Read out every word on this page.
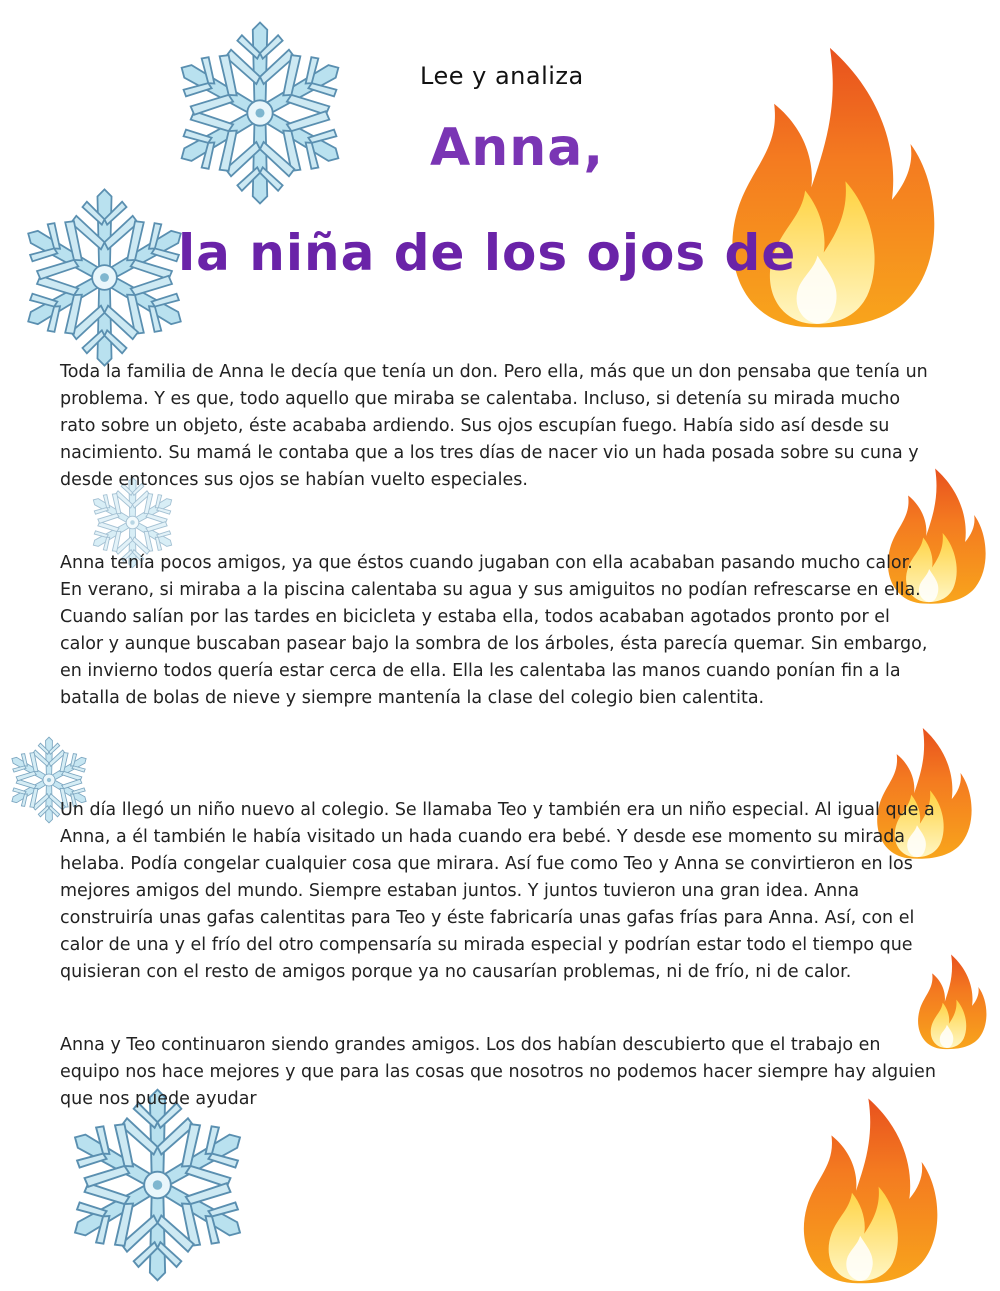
Lee y analiza
Anna,
la niña de los ojos de

Toda la familia de Anna le decía que tenía un don. Pero ella, más que un don pensaba que tenía un problema. Y es que, todo aquello que miraba se calentaba. Incluso, si detenía su mirada mucho rato sobre un objeto, éste acababa ardiendo. Sus ojos escupían fuego. Había sido así desde su nacimiento. Su mamá le contaba que a los tres días de nacer vio un hada posada sobre su cuna y desde entonces sus ojos se habían vuelto especiales.

Anna tenía pocos amigos, ya que éstos cuando jugaban con ella acababan pasando mucho calor. En verano, si miraba a la piscina calentaba su agua y sus amiguitos no podían refrescarse en ella. Cuando salían por las tardes en bicicleta y estaba ella, todos acababan agotados pronto por el calor y aunque buscaban pasear bajo la sombra de los árboles, ésta parecía quemar. Sin embargo, en invierno todos quería estar cerca de ella. Ella les calentaba las manos cuando ponían fin a la batalla de bolas de nieve y siempre mantenía la clase del colegio bien calentita.

Un día llegó un niño nuevo al colegio. Se llamaba Teo y también era un niño especial. Al igual que a Anna, a él también le había visitado un hada cuando era bebé. Y desde ese momento su mirada helaba. Podía congelar cualquier cosa que mirara. Así fue como Teo y Anna se convirtieron en los mejores amigos del mundo. Siempre estaban juntos. Y juntos tuvieron una gran idea. Anna construiría unas gafas calentitas para Teo y éste fabricaría unas gafas frías para Anna. Así, con el calor de una y el frío del otro compensaría su mirada especial y podrían estar todo el tiempo que quisieran con el resto de amigos porque ya no causarían problemas, ni de frío, ni de calor.

Anna y Teo continuaron siendo grandes amigos. Los dos habían descubierto que el trabajo en equipo nos hace mejores y que para las cosas que nosotros no podemos hacer siempre hay alguien que nos puede ayudar
